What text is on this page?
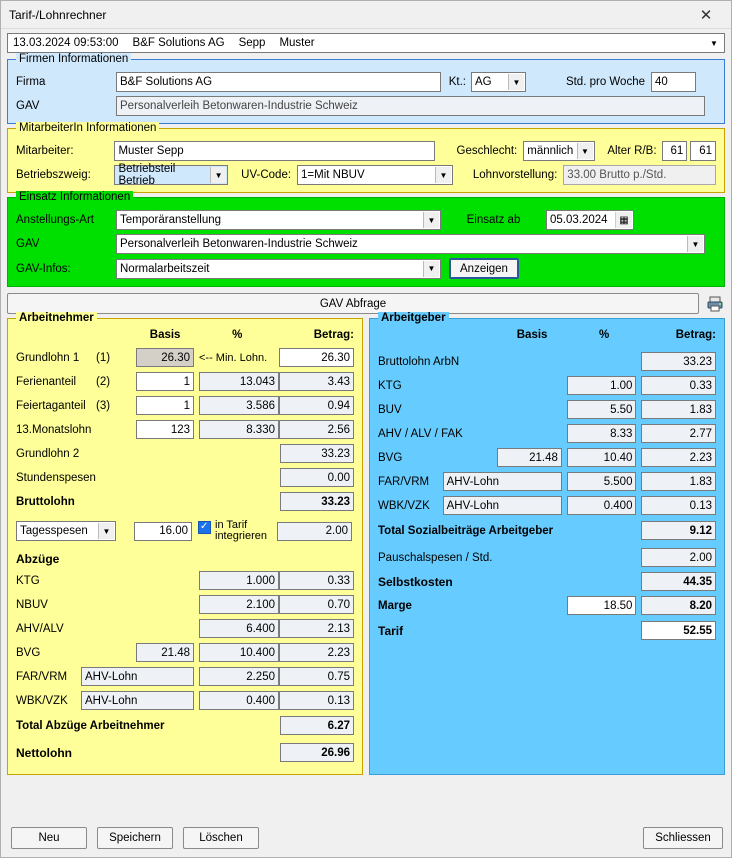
Tarif-/Lohnrechner	✕
13.03.2024 09:53:00 B&F Solutions AG Sepp Muster	▼
Firmen Informationen
Firma	B&F Solutions AG	Kt.: AG	▼	Std. pro Woche 40
GAV	Personalverleih Betonwaren-Industrie Schweiz
MitarbeiterIn Informationen
Mitarbeiter:	Muster Sepp	Geschlecht: männlich ▼	Alter R/B:	61	61
Betriebszweig:	Betriebsteil Betrieb	▼	UV-Code: 1=Mit NBUV	▼	Lohnvorstellung: 33.00 Brutto p./Std.
Einsatz Informationen
Anstellungs-Art	Temporäranstellung	▼	Einsatz ab	05.03.2024	▦
GAV	Personalverleih Betonwaren-Industrie Schweiz	▼
GAV-Infos:	Normalarbeitszeit	▼	Anzeigen
GAV Abfrage
Arbeitnehmer
Basis	%	Betrag:
Grundlohn 1	(1)	26.30 <-- Min. Lohn.	26.30
Ferienanteil	(2)	1	13.043	3.43
Feiertaganteil (3)	1	3.586	0.94
13.Monatslohn	123	8.330	2.56
Grundlohn 2	33.23
Stundenspesen	0.00
Bruttolohn	33.23
Tagesspesen	▼	16.00 ✓	in Tarif integrieren	2.00
Abzüge
KTG	1.000	0.33
NBUV	2.100	0.70
AHV/ALV	6.400	2.13
BVG	21.48	10.400	2.23
FAR/VRM	AHV-Lohn	2.250	0.75
WBK/VZK	AHV-Lohn	0.400	0.13
Total Abzüge Arbeitnehmer	6.27
Nettolohn	26.96
Arbeitgeber
Basis	%	Betrag:
Bruttolohn ArbN	33.23
KTG	1.00	0.33
BUV	5.50	1.83
AHV / ALV / FAK	8.33	2.77
BVG	21.48	10.40	2.23
FAR/VRM	AHV-Lohn	5.500	1.83
WBK/VZK	AHV-Lohn	0.400	0.13
Total Sozialbeiträge Arbeitgeber	9.12
Pauschalspesen / Std.	2.00
Selbstkosten	44.35
Marge	18.50	8.20
Tarif	52.55
Neu	Speichern	Löschen	Schliessen
